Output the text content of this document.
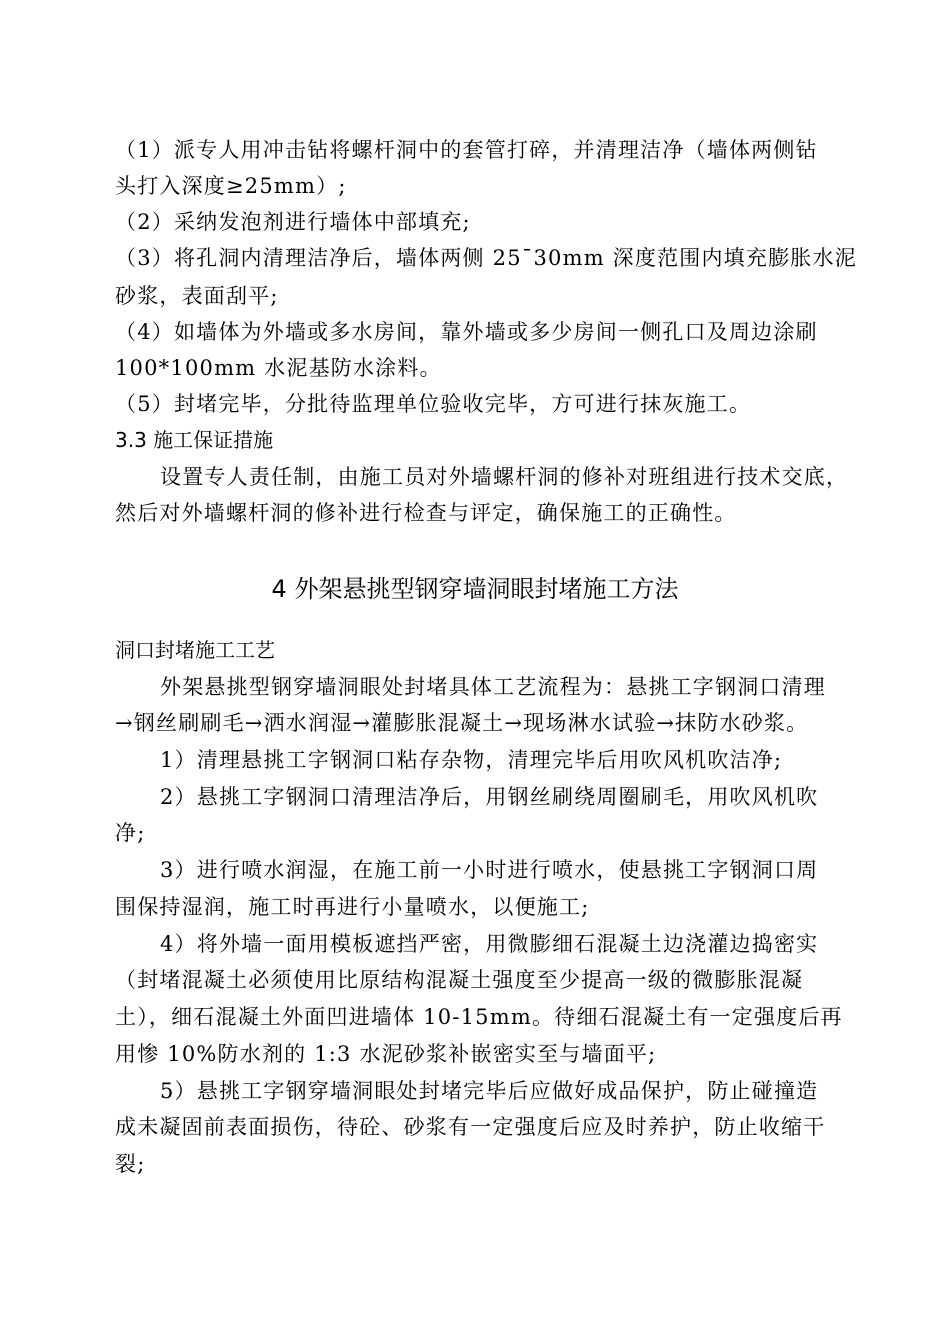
（1）派专人用冲击钻将螺杆洞中的套管打碎，并清理洁净（墙体两侧钻
头打入深度≥25mm）;
（2）采纳发泡剂进行墙体中部填充;
（3）将孔洞内清理洁净后，墙体两侧 25¯30mm 深度范围内填充膨胀水泥
砂浆，表面刮平;
（4）如墙体为外墙或多水房间，靠外墙或多少房间一侧孔口及周边涂刷
100*100mm 水泥基防水涂料。
（5）封堵完毕，分批待监理单位验收完毕，方可进行抹灰施工。
3.3 施工保证措施
设置专人责任制，由施工员对外墙螺杆洞的修补对班组进行技术交底，
然后对外墙螺杆洞的修补进行检查与评定，确保施工的正确性。
4 外架悬挑型钢穿墙洞眼封堵施工方法
洞口封堵施工工艺
外架悬挑型钢穿墙洞眼处封堵具体工艺流程为：悬挑工字钢洞口清理
→钢丝刷刷毛→洒水润湿→灌膨胀混凝土→现场淋水试验→抹防水砂浆。
1）清理悬挑工字钢洞口粘存杂物，清理完毕后用吹风机吹洁净;
2）悬挑工字钢洞口清理洁净后，用钢丝刷绕周圈刷毛，用吹风机吹
净;
3）进行喷水润湿，在施工前一小时进行喷水，使悬挑工字钢洞口周
围保持湿润，施工时再进行小量喷水，以便施工;
4）将外墙一面用模板遮挡严密，用微膨细石混凝土边浇灌边捣密实
（封堵混凝土必须使用比原结构混凝土强度至少提高一级的微膨胀混凝
土），细石混凝土外面凹进墙体 10-15mm。待细石混凝土有一定强度后再
用惨 10%防水剂的 1:3 水泥砂浆补嵌密实至与墙面平;
5）悬挑工字钢穿墙洞眼处封堵完毕后应做好成品保护，防止碰撞造
成未凝固前表面损伤，待砼、砂浆有一定强度后应及时养护，防止收缩干
裂;
